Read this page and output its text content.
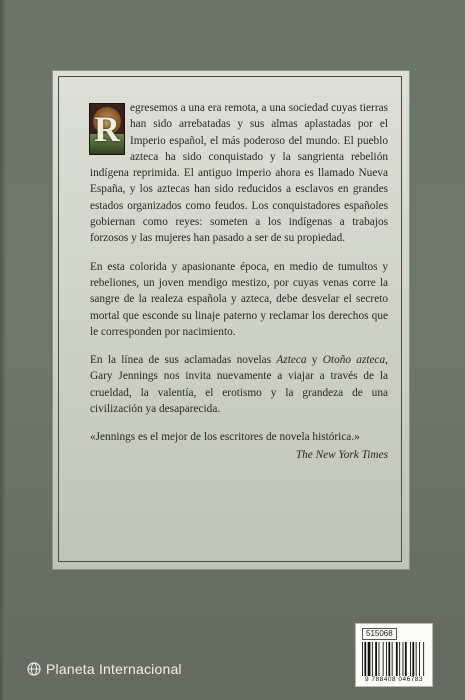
R
egresemos a una era remota, a una sociedad cuyas tierras han sido arrebatadas y sus almas aplastadas por el Imperio español, el más poderoso del mundo. El pueblo azteca ha sido conquistado y la sangrienta rebelión indígena reprimida. El antiguo imperio ahora es llamado Nueva España, y los aztecas han sido reducidos a esclavos en grandes estados organizados como feudos. Los conquistadores españoles gobiernan como reyes: someten a los indígenas a trabajos forzosos y las mujeres han pasado a ser de su propiedad.

En esta colorida y apasionante época, en medio de tumultos y rebeliones, un joven mendigo mestizo, por cuyas venas corre la sangre de la realeza española y azteca, debe desvelar el secreto mortal que esconde su linaje paterno y reclamar los derechos que le corresponden por nacimiento.

En la línea de sus aclamadas novelas Azteca y Otoño azteca, Gary Jennings nos invita nuevamente a viajar a través de la crueldad, la valentía, el erotismo y la grandeza de una civilización ya desaparecida.

«Jennings es el mejor de los escritores de novela histórica.»
The New York Times
515068
9 788408 046783
Planeta Internacional
